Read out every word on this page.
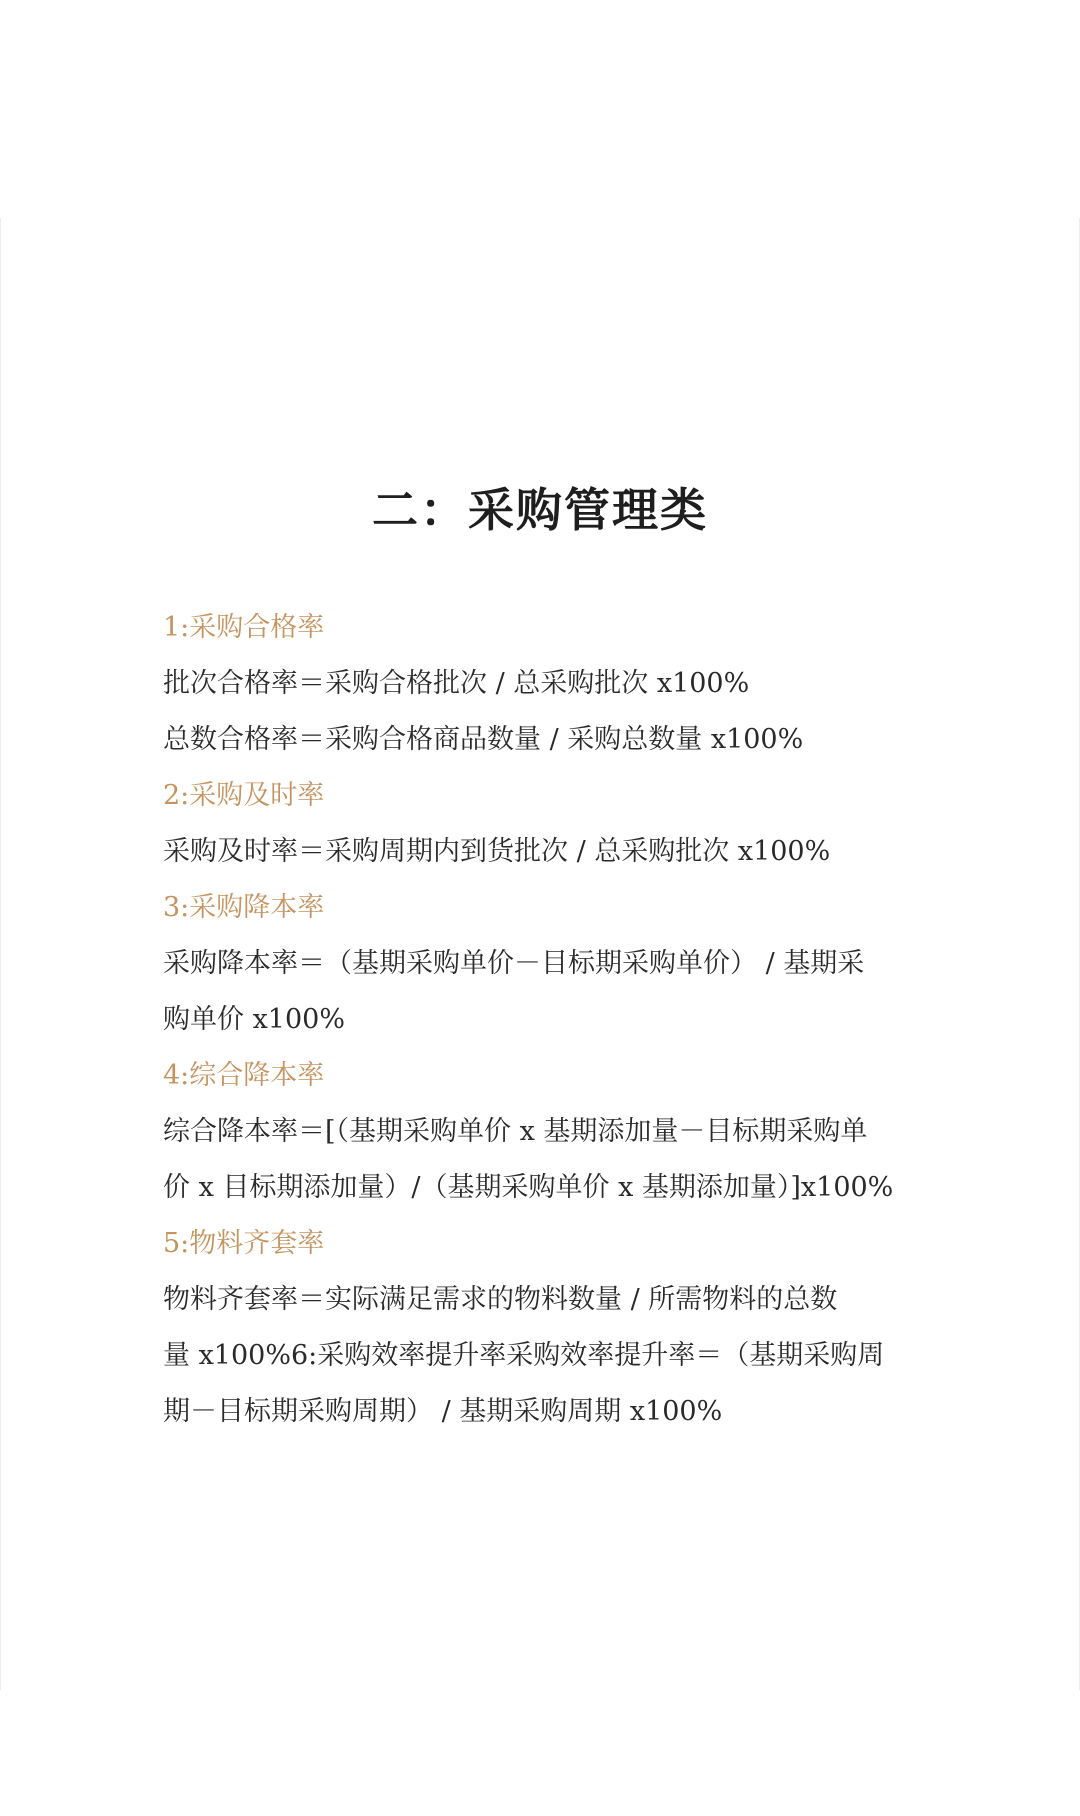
二：采购管理类

1:采购合格率

批次合格率＝采购合格批次 / 总采购批次 x100%

总数合格率＝采购合格商品数量 / 采购总数量 x100%

2:采购及时率

采购及时率＝采购周期内到货批次 / 总采购批次 x100%

3:采购降本率

采购降本率＝（基期采购单价－目标期采购单价） / 基期采

购单价 x100%

4:综合降本率

综合降本率＝[（基期采购单价 x 基期添加量－目标期采购单

价 x 目标期添加量）/（基期采购单价 x 基期添加量）]x100%

5:物料齐套率

物料齐套率＝实际满足需求的物料数量 / 所需物料的总数

量 x100%6:采购效率提升率采购效率提升率＝（基期采购周

期－目标期采购周期） / 基期采购周期 x100%
